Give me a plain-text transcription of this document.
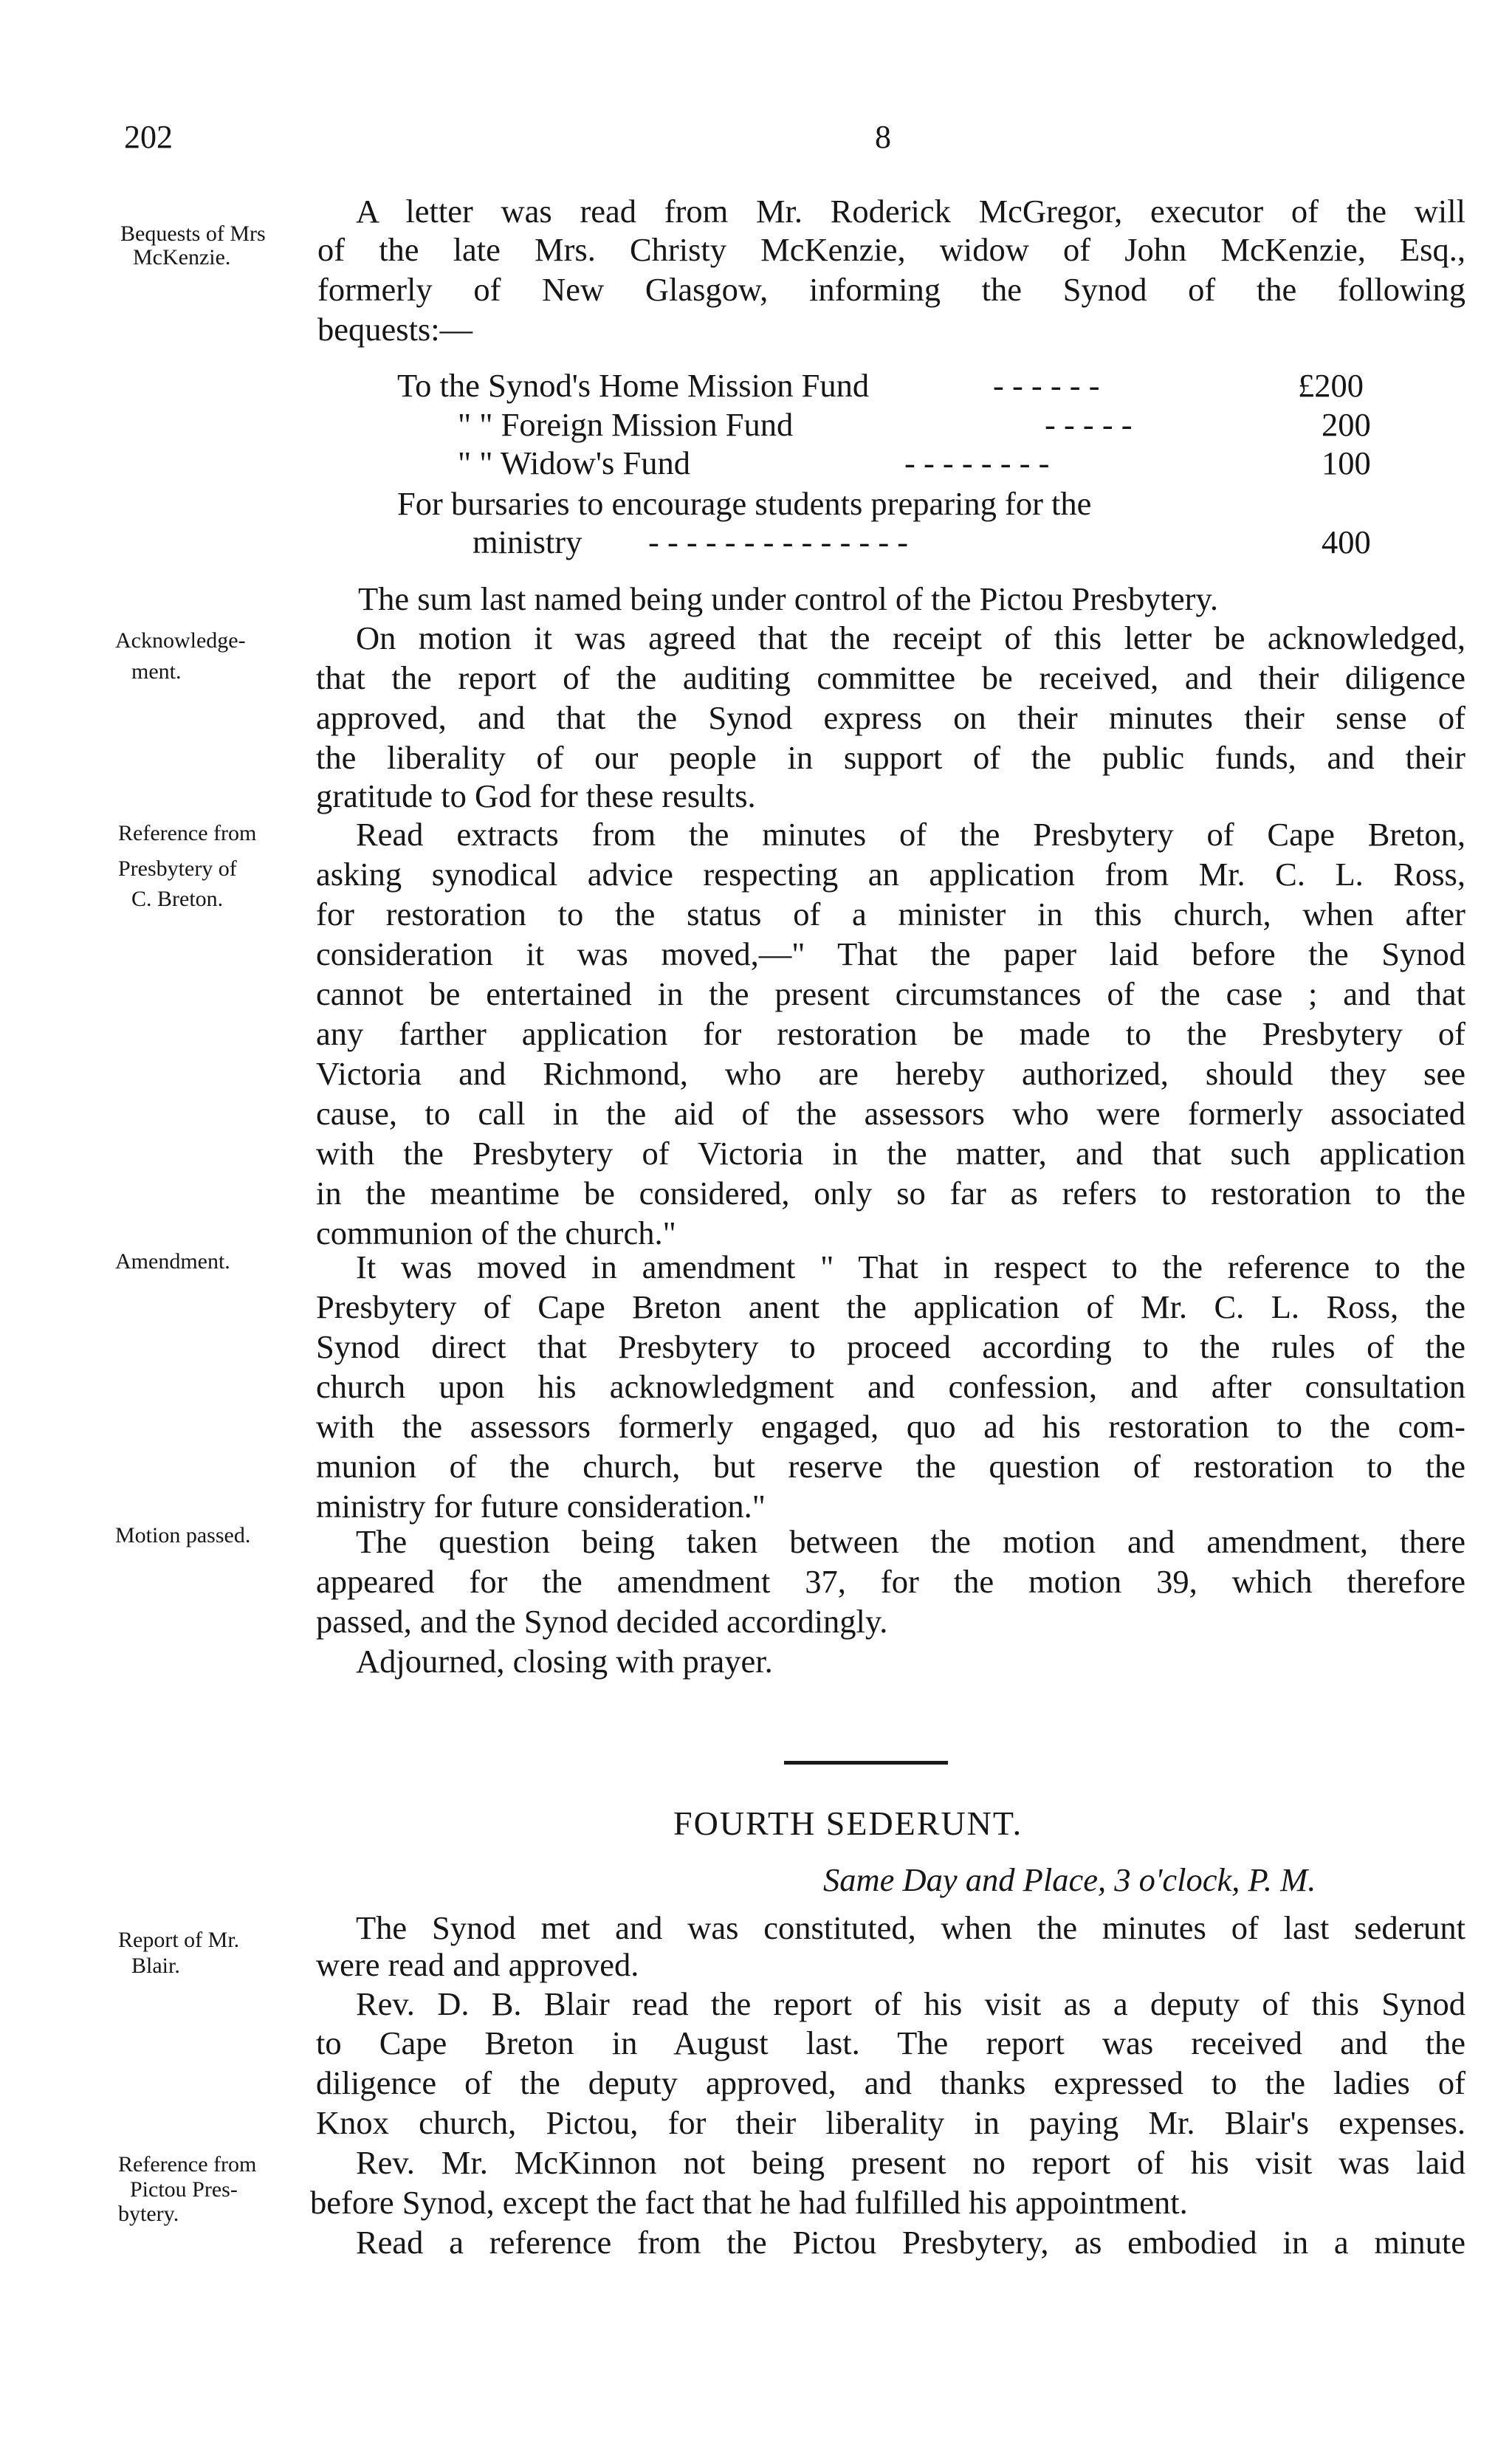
202	8
Bequests of Mrs
McKenzie.
Acknowledge-
ment.
Reference from
Presbytery of
C. Breton.
Amendment.
Motion passed.
Report of Mr.
Blair.
Reference from
Pictou Pres-
bytery.
A letter was read from Mr. Roderick McGregor, executor of the will
of the late Mrs. Christy McKenzie, widow of John McKenzie, Esq.,
formerly of New Glasgow, informing the Synod of the following
bequests:—
To the Synod's Home Mission Fund	- - - - - -	£200
" " Foreign Mission Fund	- - - - -	200
" " Widow's Fund	- - - - - - - -	100
For bursaries to encourage students preparing for the
ministry - - - - - - - - - - - - - -	400
The sum last named being under control of the Pictou Presbytery.
On motion it was agreed that the receipt of this letter be acknowledged,
that the report of the auditing committee be received, and their diligence
approved, and that the Synod express on their minutes their sense of
the liberality of our people in support of the public funds, and their
gratitude to God for these results.
Read extracts from the minutes of the Presbytery of Cape Breton,
asking synodical advice respecting an application from Mr. C. L. Ross,
for restoration to the status of a minister in this church, when after
consideration it was moved,—" That the paper laid before the Synod
cannot be entertained in the present circumstances of the case ; and that
any farther application for restoration be made to the Presbytery of
Victoria and Richmond, who are hereby authorized, should they see
cause, to call in the aid of the assessors who were formerly associated
with the Presbytery of Victoria in the matter, and that such application
in the meantime be considered, only so far as refers to restoration to the
communion of the church."
It was moved in amendment " That in respect to the reference to the
Presbytery of Cape Breton anent the application of Mr. C. L. Ross, the
Synod direct that Presbytery to proceed according to the rules of the
church upon his acknowledgment and confession, and after consultation
with the assessors formerly engaged, quo ad his restoration to the com-
munion of the church, but reserve the question of restoration to the
ministry for future consideration."
The question being taken between the motion and amendment, there
appeared for the amendment 37, for the motion 39, which therefore
passed, and the Synod decided accordingly.
Adjourned, closing with prayer.
FOURTH SEDERUNT.
Same Day and Place, 3 o'clock, P. M.
The Synod met and was constituted, when the minutes of last sederunt
were read and approved.
Rev. D. B. Blair read the report of his visit as a deputy of this Synod
to Cape Breton in August last. The report was received and the
diligence of the deputy approved, and thanks expressed to the ladies of
Knox church, Pictou, for their liberality in paying Mr. Blair's expenses.
Rev. Mr. McKinnon not being present no report of his visit was laid
before Synod, except the fact that he had fulfilled his appointment.
Read a reference from the Pictou Presbytery, as embodied in a minute
